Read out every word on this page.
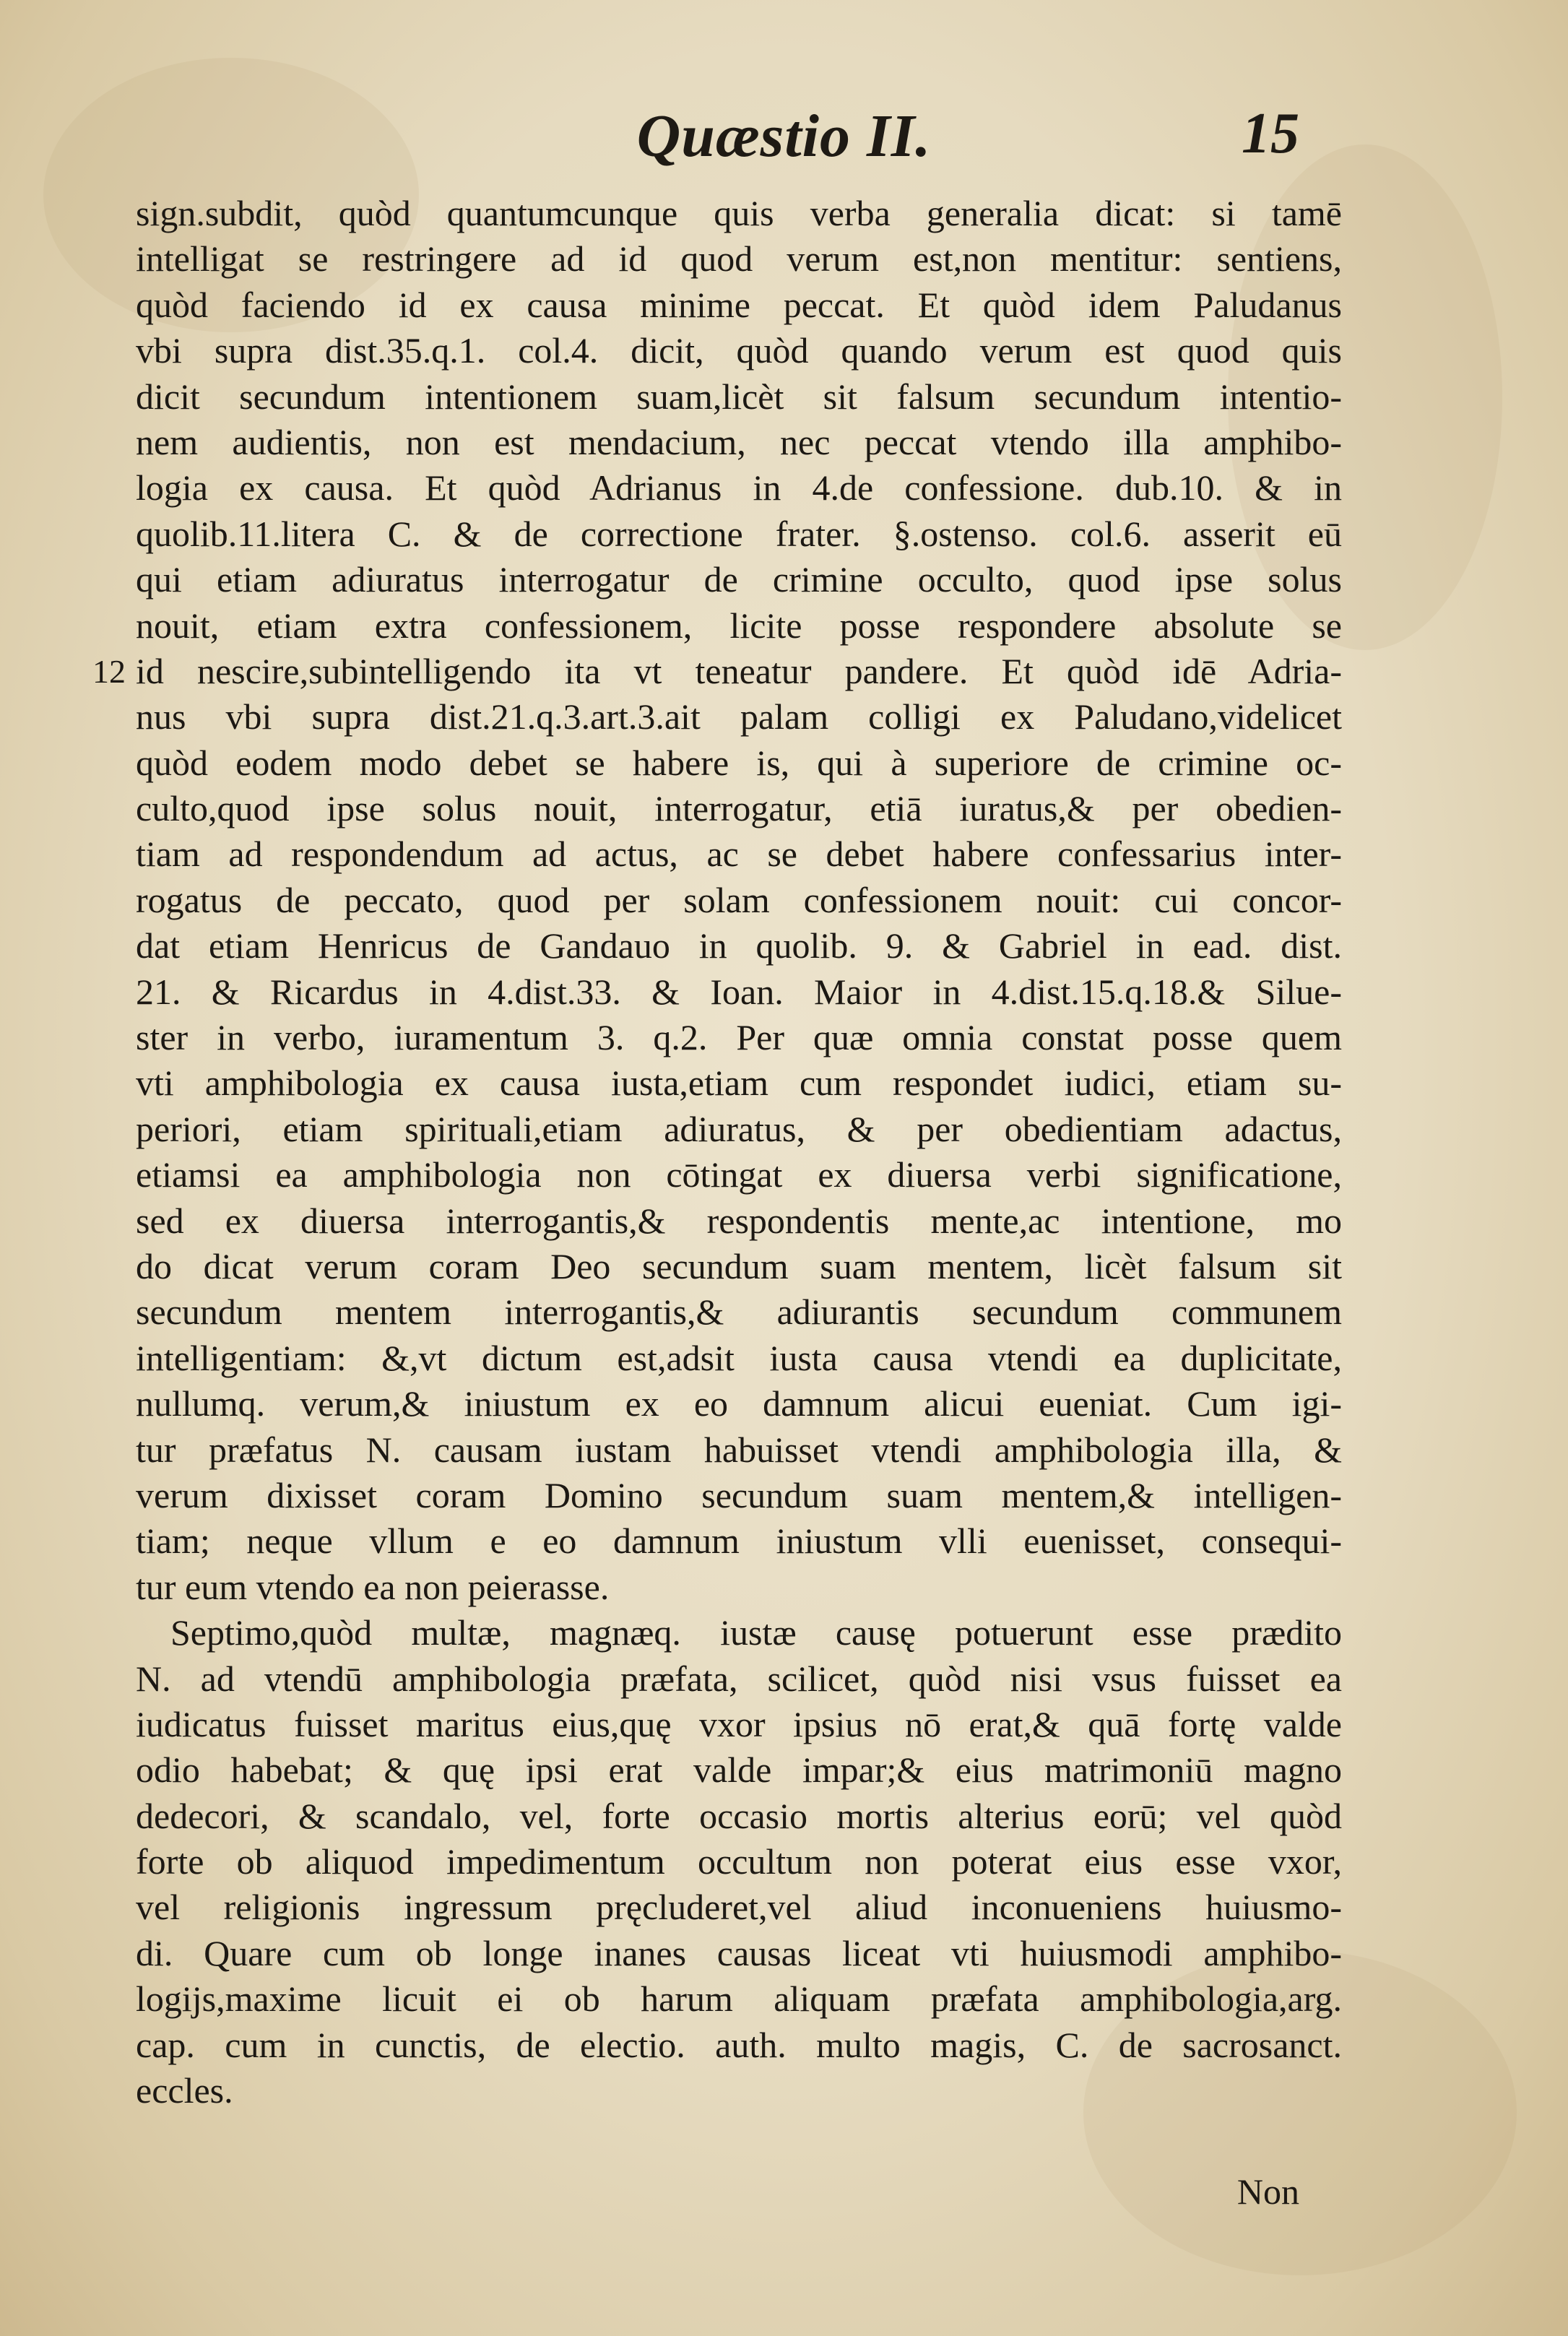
Quæstio II.	15
12
sign.subdit, quòd quantumcunque quis verba generalia dicat: si tamē
intelligat se restringere ad id quod verum est,non mentitur: sentiens,
quòd faciendo id ex causa minime peccat. Et quòd idem Paludanus
vbi supra dist.35.q.1. col.4. dicit, quòd quando verum est quod quis
dicit secundum intentionem suam,licèt sit falsum secundum intentio-
nem audientis, non est mendacium, nec peccat vtendo illa amphibo-
logia ex causa. Et quòd Adrianus in 4.de confessione. dub.10. & in
quolib.11.litera C. & de correctione frater. §.ostenso. col.6. asserit eū
qui etiam adiuratus interrogatur de crimine occulto, quod ipse solus
nouit, etiam extra confessionem, licite posse respondere absolute se
id nescire,subintelligendo ita vt teneatur pandere. Et quòd idē Adria-
nus vbi supra dist.21.q.3.art.3.ait palam colligi ex Paludano,videlicet
quòd eodem modo debet se habere is, qui à superiore de crimine oc-
culto,quod ipse solus nouit, interrogatur, etiā iuratus,& per obedien-
tiam ad respondendum ad actus, ac se debet habere confessarius inter-
rogatus de peccato, quod per solam confessionem nouit: cui concor-
dat etiam Henricus de Gandauo in quolib. 9. & Gabriel in ead. dist.
21. & Ricardus in 4.dist.33. & Ioan. Maior in 4.dist.15.q.18.& Silue-
ster in verbo, iuramentum 3. q.2. Per quæ omnia constat posse quem
vti amphibologia ex causa iusta,etiam cum respondet iudici, etiam su-
periori, etiam spirituali,etiam adiuratus, & per obedientiam adactus,
etiamsi ea amphibologia non cōtingat ex diuersa verbi significatione,
sed ex diuersa interrogantis,& respondentis mente,ac intentione, mo
do dicat verum coram Deo secundum suam mentem, licèt falsum sit
secundum mentem interrogantis,& adiurantis secundum communem
intelligentiam: &,vt dictum est,adsit iusta causa vtendi ea duplicitate,
nullumq. verum,& iniustum ex eo damnum alicui eueniat. Cum igi-
tur præfatus N. causam iustam habuisset vtendi amphibologia illa, &
verum dixisset coram Domino secundum suam mentem,& intelligen-
tiam; neque vllum e eo damnum iniustum vlli euenisset, consequi-
tur eum vtendo ea non peierasse.
Septimo,quòd multæ, magnæq. iustæ causę potuerunt esse prædito
N. ad vtendū amphibologia præfata, scilicet, quòd nisi vsus fuisset ea
iudicatus fuisset maritus eius,quę vxor ipsius nō erat,& quā fortę valde
odio habebat; & quę ipsi erat valde impar;& eius matrimoniū magno
dedecori, & scandalo, vel, forte occasio mortis alterius eorū; vel quòd
forte ob aliquod impedimentum occultum non poterat eius esse vxor,
vel religionis ingressum pręcluderet,vel aliud inconueniens huiusmo-
di. Quare cum ob longe inanes causas liceat vti huiusmodi amphibo-
logijs,maxime licuit ei ob harum aliquam præfata amphibologia,arg.
cap. cum in cunctis, de electio. auth. multo magis, C. de sacrosanct.
eccles.
Non
